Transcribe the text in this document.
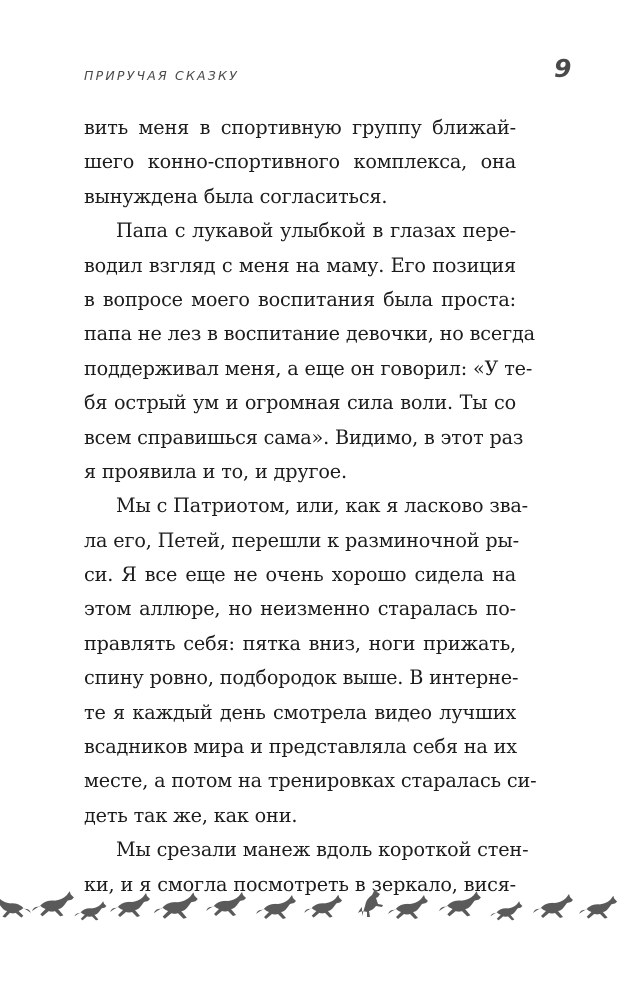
ПРИРУЧАЯ СКАЗКУ	9
вить меня в спортивную группу ближай-
шего конно-спортивного комплекса, она
вынуждена была согласиться.
Папа с лукавой улыбкой в глазах пере-
водил взгляд с меня на маму. Его позиция
в вопросе моего воспитания была проста:
папа не лез в воспитание девочки, но всегда
поддерживал меня, а еще он говорил: «У те-
бя острый ум и огромная сила воли. Ты со
всем справишься сама». Видимо, в этот раз
я проявила и то, и другое.
Мы с Патриотом, или, как я ласково зва-
ла его, Петей, перешли к разминочной ры-
си. Я все еще не очень хорошо сидела на
этом аллюре, но неизменно старалась по-
правлять себя: пятка вниз, ноги прижать,
спину ровно, подбородок выше. В интерне-
те я каждый день смотрела видео лучших
всадников мира и представляла себя на их
месте, а потом на тренировках старалась си-
деть так же, как они.
Мы срезали манеж вдоль короткой стен-
ки, и я смогла посмотреть в зеркало, вися-
